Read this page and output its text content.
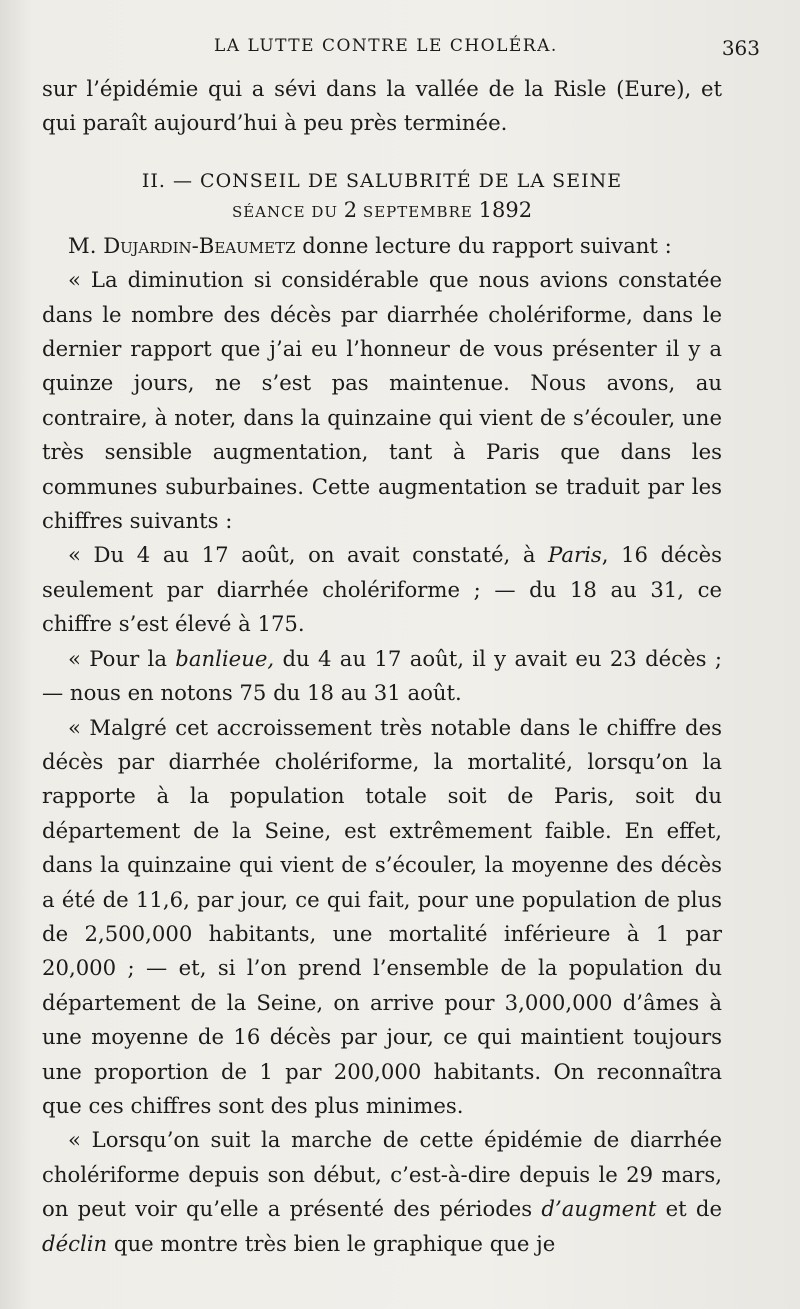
LA LUTTE CONTRE LE CHOLÉRA.	363

sur l’épidémie qui a sévi dans la vallée de la Risle (Eure), et qui paraît aujourd’hui à peu près terminée.

II. — CONSEIL DE SALUBRITÉ DE LA SEINE
SÉANCE DU 2 SEPTEMBRE 1892

M. Dujardin-Beaumetz donne lecture du rapport suivant :

« La diminution si considérable que nous avions constatée dans le nombre des décès par diarrhée cholériforme, dans le dernier rapport que j’ai eu l’honneur de vous présenter il y a quinze jours, ne s’est pas maintenue. Nous avons, au contraire, à noter, dans la quinzaine qui vient de s’écouler, une très sensible augmentation, tant à Paris que dans les communes suburbaines. Cette augmentation se traduit par les chiffres suivants :

« Du 4 au 17 août, on avait constaté, à Paris, 16 décès seulement par diarrhée cholériforme ; — du 18 au 31, ce chiffre s’est élevé à 175.

« Pour la banlieue, du 4 au 17 août, il y avait eu 23 décès ; — nous en notons 75 du 18 au 31 août.

« Malgré cet accroissement très notable dans le chiffre des décès par diarrhée cholériforme, la mortalité, lorsqu’on la rapporte à la population totale soit de Paris, soit du département de la Seine, est extrêmement faible. En effet, dans la quinzaine qui vient de s’écouler, la moyenne des décès a été de 11,6, par jour, ce qui fait, pour une population de plus de 2,500,000 habitants, une mortalité inférieure à 1 par 20,000 ; — et, si l’on prend l’ensemble de la population du département de la Seine, on arrive pour 3,000,000 d’âmes à une moyenne de 16 décès par jour, ce qui maintient toujours une proportion de 1 par 200,000 habitants. On reconnaîtra que ces chiffres sont des plus minimes.

« Lorsqu’on suit la marche de cette épidémie de diarrhée cholériforme depuis son début, c’est-à-dire depuis le 29 mars, on peut voir qu’elle a présenté des périodes d’augment et de déclin que montre très bien le graphique que je
